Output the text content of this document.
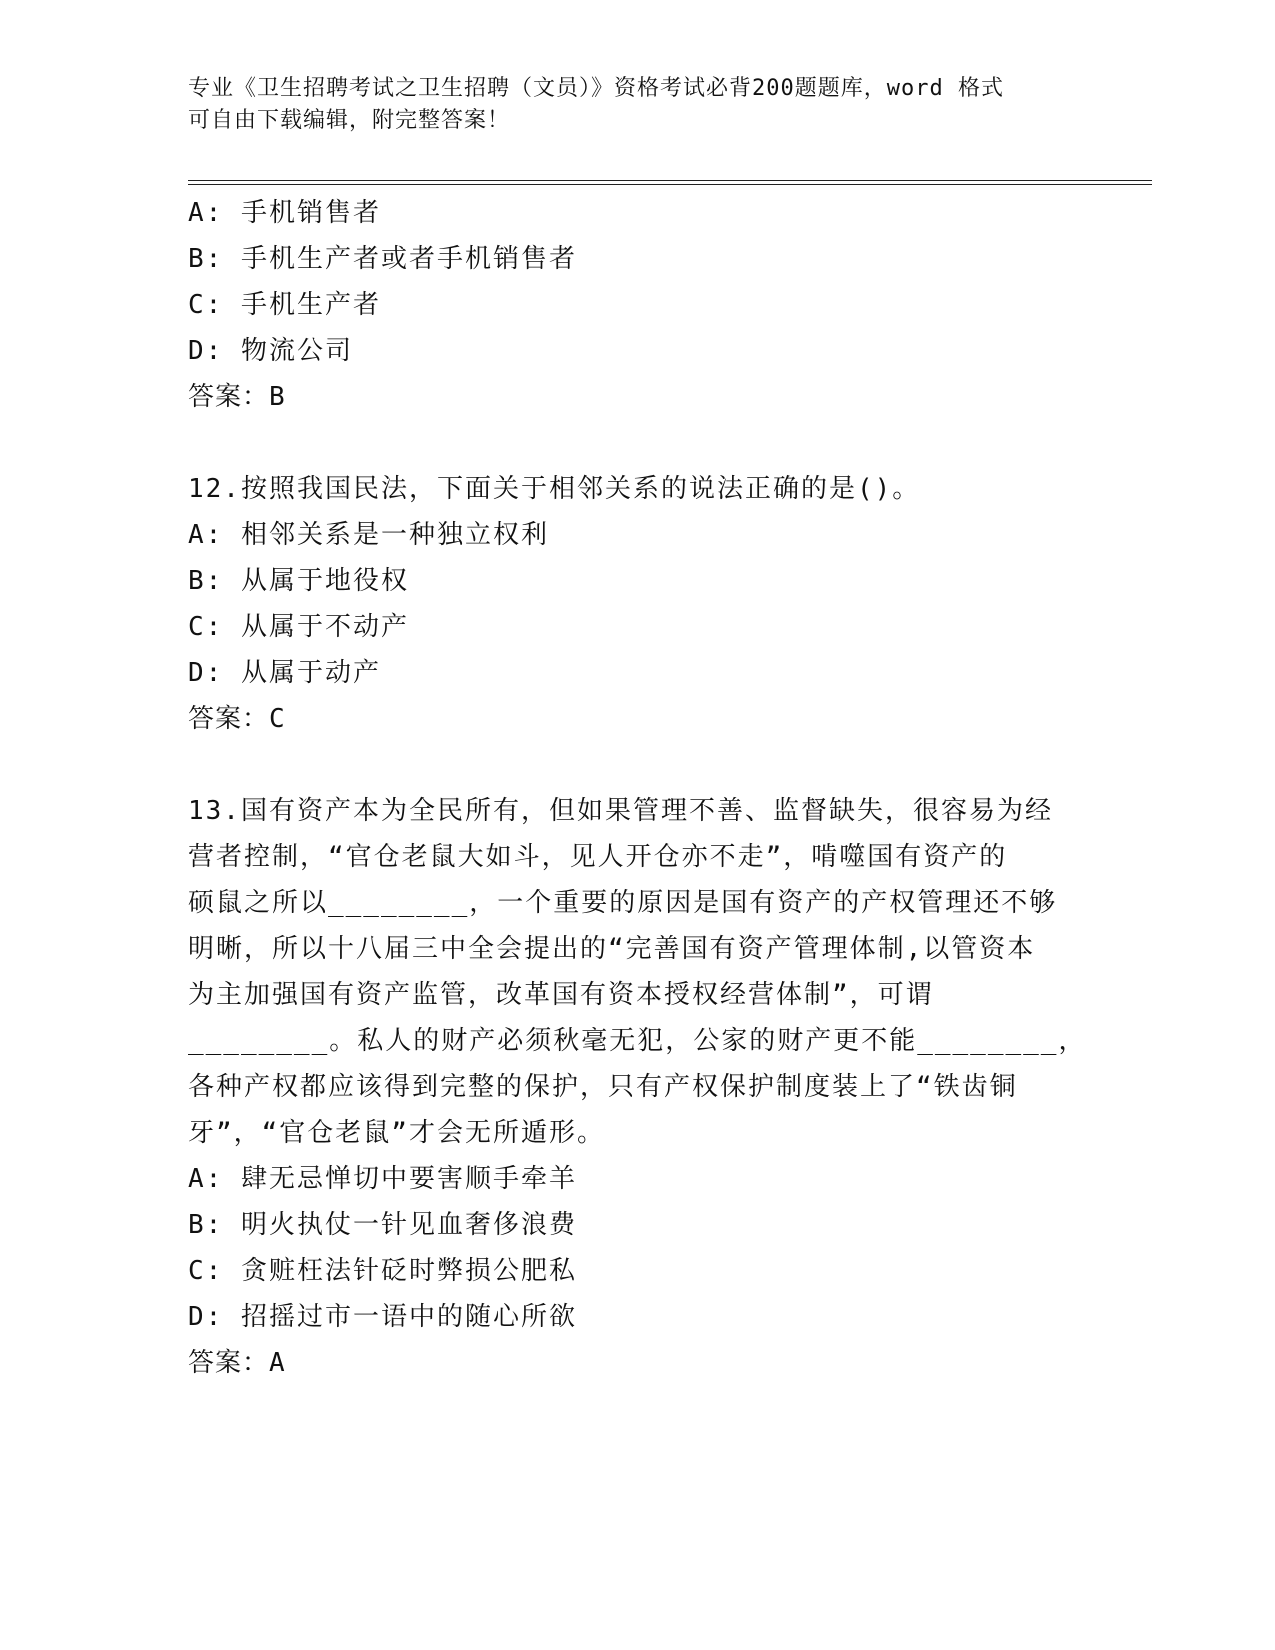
专业《卫生招聘考试之卫生招聘（文员）》资格考试必背200题题库，word 格式
可自由下载编辑，附完整答案！
A: 手机销售者
B: 手机生产者或者手机销售者
C: 手机生产者
D: 物流公司
答案：B
12.按照我国民法，下面关于相邻关系的说法正确的是()。
A: 相邻关系是一种独立权利
B: 从属于地役权
C: 从属于不动产
D: 从属于动产
答案：C
13.国有资产本为全民所有，但如果管理不善、监督缺失，很容易为经
营者控制，“官仓老鼠大如斗，见人开仓亦不走”，啃噬国有资产的
硕鼠之所以________，一个重要的原因是国有资产的产权管理还不够
明晰，所以十八届三中全会提出的“完善国有资产管理体制,以管资本
为主加强国有资产监管，改革国有资本授权经营体制”，可谓
________。私人的财产必须秋毫无犯，公家的财产更不能________，
各种产权都应该得到完整的保护，只有产权保护制度装上了“铁齿铜
牙”，“官仓老鼠”才会无所遁形。
A: 肆无忌惮切中要害顺手牵羊
B: 明火执仗一针见血奢侈浪费
C: 贪赃枉法针砭时弊损公肥私
D: 招摇过市一语中的随心所欲
答案：A
